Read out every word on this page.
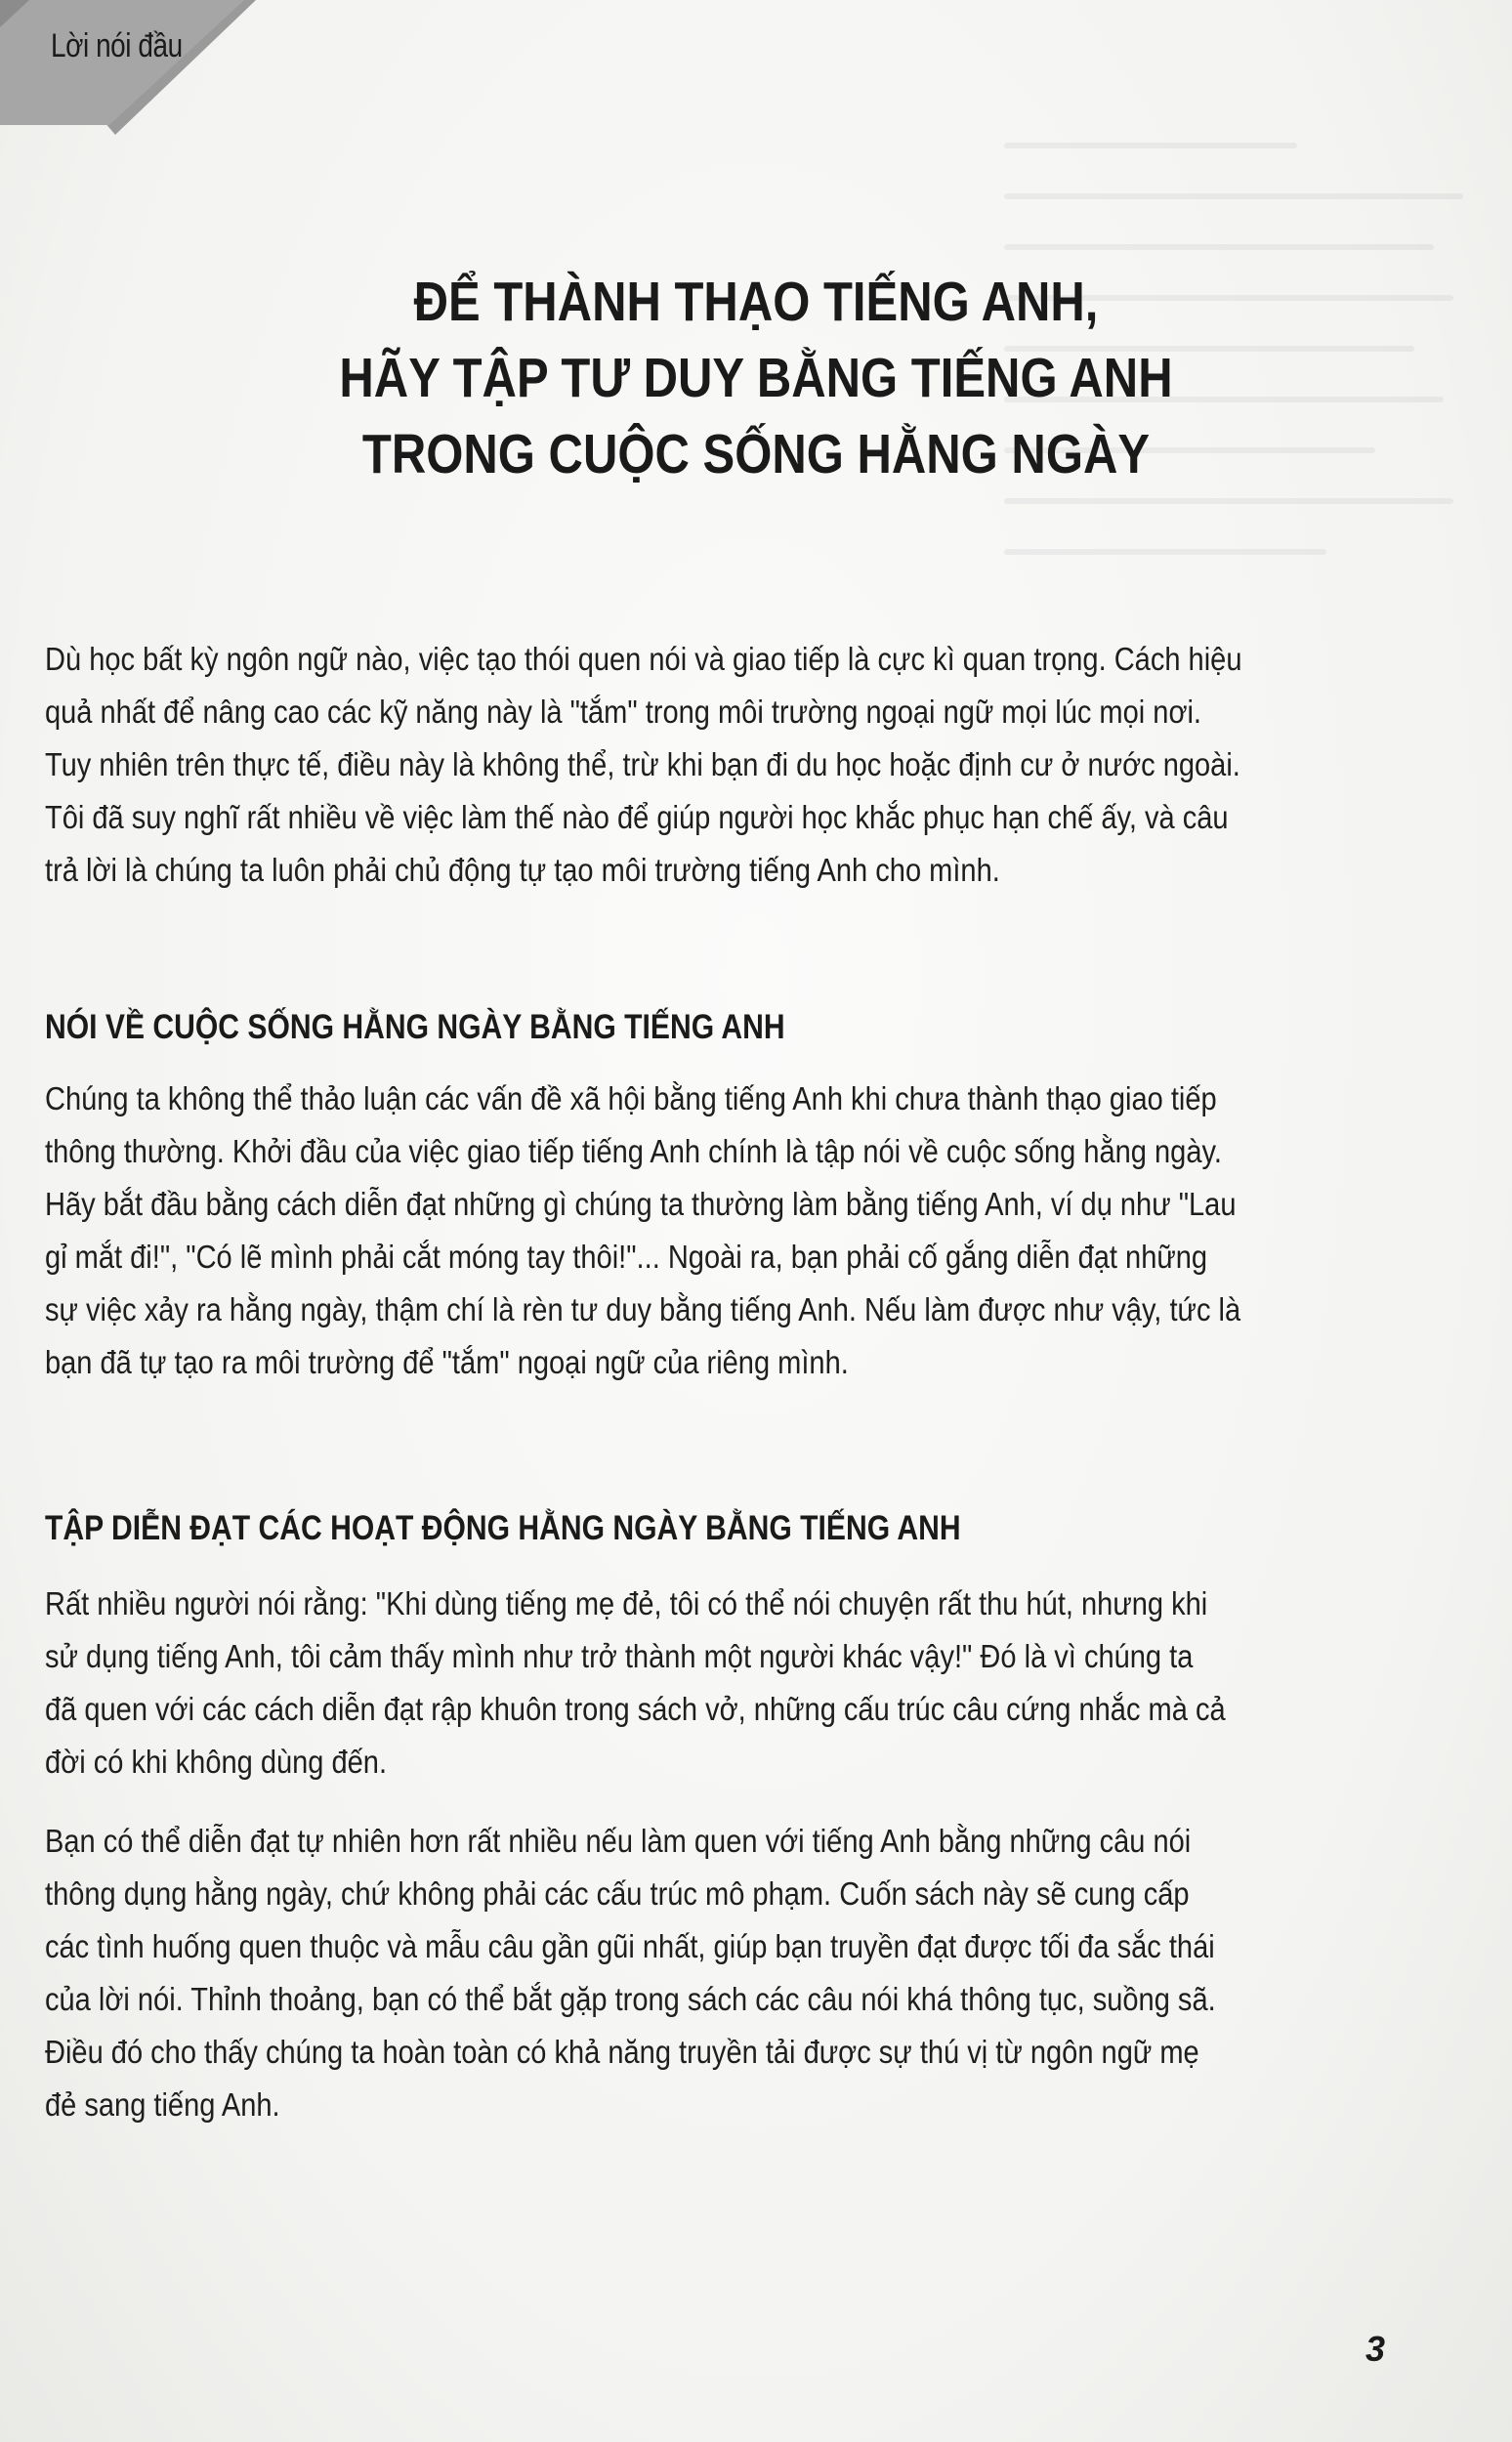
Lời nói đầu
ĐỂ THÀNH THẠO TIẾNG ANH,
HÃY TẬP TƯ DUY BẰNG TIẾNG ANH
TRONG CUỘC SỐNG HẰNG NGÀY
Dù học bất kỳ ngôn ngữ nào, việc tạo thói quen nói và giao tiếp là cực kì quan trọng. Cách hiệu
quả nhất để nâng cao các kỹ năng này là "tắm" trong môi trường ngoại ngữ mọi lúc mọi nơi.
Tuy nhiên trên thực tế, điều này là không thể, trừ khi bạn đi du học hoặc định cư ở nước ngoài.
Tôi đã suy nghĩ rất nhiều về việc làm thế nào để giúp người học khắc phục hạn chế ấy, và câu
trả lời là chúng ta luôn phải chủ động tự tạo môi trường tiếng Anh cho mình.
NÓI VỀ CUỘC SỐNG HẰNG NGÀY BẰNG TIẾNG ANH
Chúng ta không thể thảo luận các vấn đề xã hội bằng tiếng Anh khi chưa thành thạo giao tiếp
thông thường. Khởi đầu của việc giao tiếp tiếng Anh chính là tập nói về cuộc sống hằng ngày.
Hãy bắt đầu bằng cách diễn đạt những gì chúng ta thường làm bằng tiếng Anh, ví dụ như "Lau
gỉ mắt đi!", "Có lẽ mình phải cắt móng tay thôi!"... Ngoài ra, bạn phải cố gắng diễn đạt những
sự việc xảy ra hằng ngày, thậm chí là rèn tư duy bằng tiếng Anh. Nếu làm được như vậy, tức là
bạn đã tự tạo ra môi trường để "tắm" ngoại ngữ của riêng mình.
TẬP DIỄN ĐẠT CÁC HOẠT ĐỘNG HẰNG NGÀY BẰNG TIẾNG ANH
Rất nhiều người nói rằng: "Khi dùng tiếng mẹ đẻ, tôi có thể nói chuyện rất thu hút, nhưng khi
sử dụng tiếng Anh, tôi cảm thấy mình như trở thành một người khác vậy!" Đó là vì chúng ta
đã quen với các cách diễn đạt rập khuôn trong sách vở, những cấu trúc câu cứng nhắc mà cả
đời có khi không dùng đến.
Bạn có thể diễn đạt tự nhiên hơn rất nhiều nếu làm quen với tiếng Anh bằng những câu nói
thông dụng hằng ngày, chứ không phải các cấu trúc mô phạm. Cuốn sách này sẽ cung cấp
các tình huống quen thuộc và mẫu câu gần gũi nhất, giúp bạn truyền đạt được tối đa sắc thái
của lời nói. Thỉnh thoảng, bạn có thể bắt gặp trong sách các câu nói khá thông tục, suồng sã.
Điều đó cho thấy chúng ta hoàn toàn có khả năng truyền tải được sự thú vị từ ngôn ngữ mẹ
đẻ sang tiếng Anh.
3
